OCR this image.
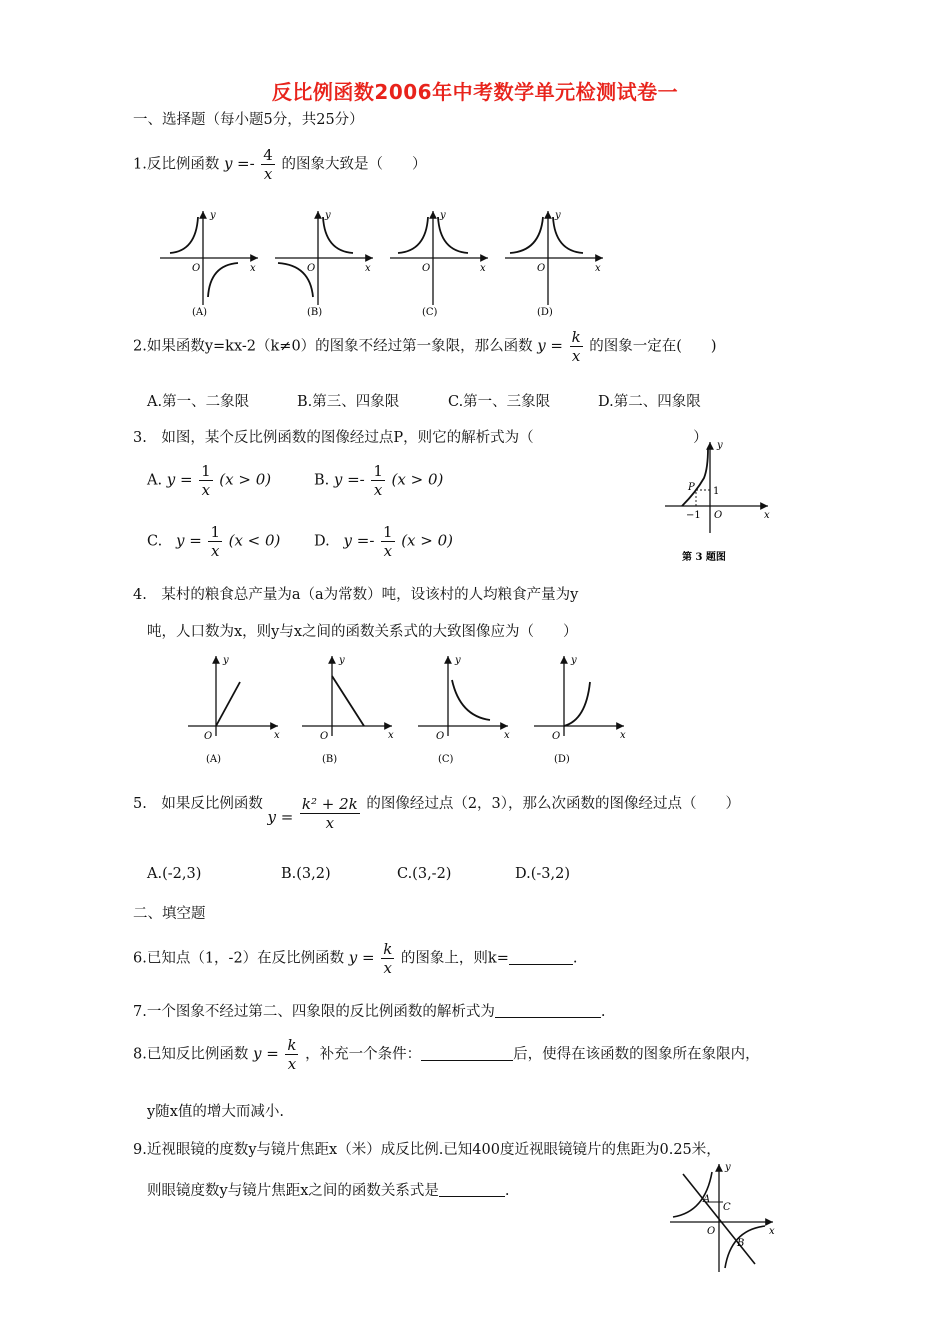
反比例函数2006年中考数学单元检测试卷一
一、选择题（每小题5分，共25分）
1.反比例函数 $y =- \frac{4}{x}$ 的图象大致是（　　）
y
x
O
(A)
y
x
O
(B)
y
x
O
(C)
y
x
O
(D)
2.如果函数y=kx-2（k≠0）的图象不经过第一象限，那么函数 $y = \frac{k}{x}$ 的图象一定在(　　)
A.第一、二象限	B.第三、四象限	C.第一、三象限	D.第二、四象限
3.　如图，某个反比例函数的图像经过点P，则它的解析式为（　　　　　　　　　　　）
A. $y = \frac{1}{x} (x > 0)$	B. $y =- \frac{1}{x} (x > 0)$
C. $y = \frac{1}{x} (x < 0)$ D. $y =- \frac{1}{x} (x > 0)$
y
x
O
P 1
−1
第 3 题图
4.　某村的粮食总产量为a（a为常数）吨，设该村的人均粮食产量为y
吨，人口数为x，则y与x之间的函数关系式的大致图像应为（　　）
y
x
O
(A)
y
x
O
(B)
y
x
O
(C)
y
x
O
(D)
5.　如果反比例函数 $y = \frac{\text{k² + 2k}}{x}$ 的图像经过点（2，3），那么次函数的图像经过点（　　）
A.(-2,3)	B.(3,2)	C.(3,-2)	D.(-3,2)
二、填空题
6.已知点（1，-2）在反比例函数 $y = \frac{k}{x}$ 的图象上，则k=	.
7.一个图象不经过第二、四象限的反比例函数的解析式为	.
8.已知反比例函数 $y = \frac{k}{x}$ ，补充一个条件：	后，使得在该函数的图象所在象限内，
y随x值的增大而减小.
9.近视眼镜的度数y与镜片焦距x（米）成反比例.已知400度近视眼镜镜片的焦距为0.25米，
则眼镜度数y与镜片焦距x之间的函数关系式是	.
y
x
O
A
B
C
